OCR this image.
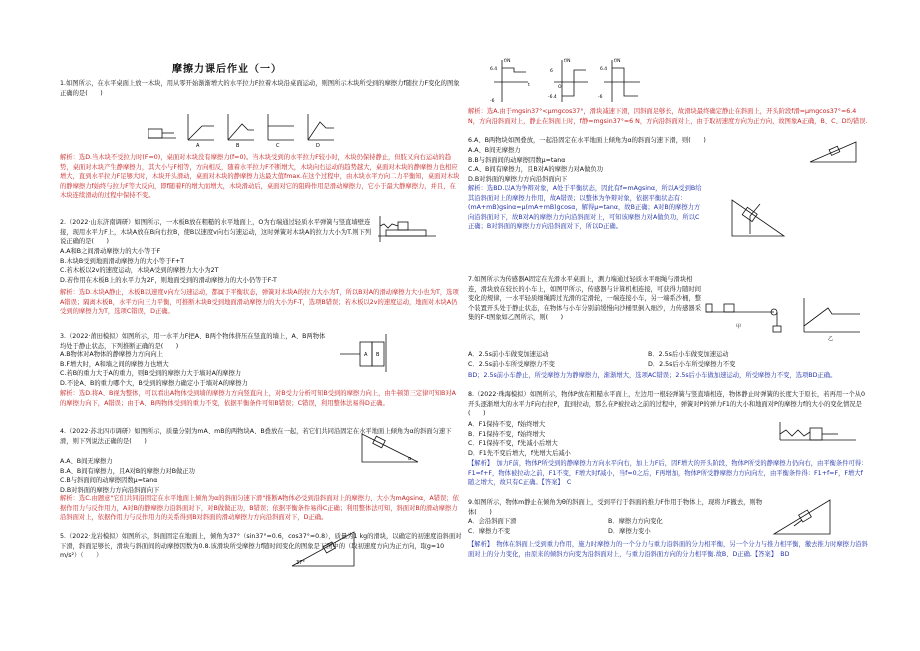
摩擦力课后作业（一）
1.如图所示，在水平桌面上放一木块，用从零开始渐渐增大的水平拉力F拉着木块沿桌面运动，则图所示木块所受到的摩擦力f随拉力F变化的图象正确的是(　　)
A	B	C	D
解析：选D.当木块不受拉力时(F=0)，桌面对木块没有摩擦力(f=0)。当木块受到的水平拉力F较小时，木块仍保持静止，但肢又向右运动的趋势，桌面对木块产生静摩擦力，其大小与F相等，方向相反，随着水平拉力F不断增大，木块向右运动的趋势越大，桌面对木块的静摩擦力也相应增大，直到水平拉力F足够大时，木块开头滑动，桌面对木块的静摩擦力达最大值fmax.在这个过程中，由木块水平方向二力平衡知，桌面对木块的静摩擦力f始终与拉力F等大反向，即f随着F的增大而增大，木块滑动后，桌面对它的阻碍作用是滑动摩擦力，它小于最大静摩擦力，并且，在木块连续滑动的过程中保持不变。
2.（2022·山东济南调研）如图所示，一木板B放在粗糙的水平地面上，O为右端通过轻质水平弹簧与竖直墙壁连接，现用水平力F上，木块A放在B向右拉B，使B以速度v向右匀速运动，这时弹簧对木块A的拉力大小为T.则下列说正确的是(　　)
A.A和B之间滑动摩擦力的大小等于F
B.木块B受到地面滑动摩擦力的大小等于F+T
C.若木板以2v的速度运动，木块A受到的摩擦力大小为2T
D.若作用在木板B上的水平力为2F，则地面受到的滑动摩擦力的大小仍等于F-T
解析：选D.木块A静止，木板B以速度v向左匀速运动，都属于平衡状态，弹簧对木块A的拉力大小为T，所以B对A的滑动摩擦力大小也为T，选项A错误；隔离木板B，水平方向三力平衡，可推断木块B受到地面滑动摩擦力的大小为F-T，选项B错误；若木板以2v的速度运动，地面对木块A仍受到的摩擦力为T，选项C错误，D正确。
3.（2022·莆田模拟）如图所示，用一水平力F把A、B两个物体挤压在竖直的墙上，A、B两物体均处于静止状态，下列推断正确的是(　　)
A B
A.B物体对A物体的静摩擦力方向向上
B.F增大时，A和墙之间的摩擦力也增大
C.若B的重力大于A的重力，则B受到的摩擦力大于墙对A的摩擦力
D.不论A、B的重力哪个大，B受到的摩擦力确定小于墙对A的摩擦力
解析：选D.将A、B视为整体，可以看出A物体受到墙的摩擦力方向竖直向上，对B受力分析可知B受到的摩擦力向上，由牛顿第三定律可知B对A的摩擦力向下，A错误；由于A、B两物体受到的重力不变，依据平衡条件可知B错误；C错误，利用整体法易得D正确。
4.（2022·苏北四市调研）如图所示，质量分别为mA、mB的两物块A、B叠放在一起，若它们共同沿固定在水平地面上倾角为α的斜面匀速下滑，则下列说法正确的是(　　)
α
A.A、B间无摩擦力
B.A、B间有摩擦力，且A对B的摩擦力对B做正功
C.B与斜面间的动摩擦因数μ=tanα
D.B对斜面的摩擦力方向沿斜面向下
解析：选C.由题意"它们共同沿固定在水平地面上倾角为α的斜面匀速下滑"推断A物体必受到沿斜面对上的摩擦力，大小为mAgsinα，A错误；依据作用力与反作用力，A对B的静摩擦力沿斜面对下，对B做做正功，B错误；依据平衡条件易得C正确；利用整体法可知，斜面对B的滑动摩擦力沿斜面对上，依据作用力与反作用力的关系得到B对斜面的滑动摩擦力方向沿斜面对下，D正确。
5.（2022·龙岩模拟）如图所示，斜面固定在地面上，倾角为37°（sin37°=0.6，cos37°=0.8），质量为1 kg的滑块，以确定的初速度沿斜面对下滑，斜面足够长，滑块与斜面间的动摩擦因数为0.8.该滑块所受摩擦力f随时间变化的图象是下图中的（取初速度方向为正方向，取g=10 m/s²）（　　）
37°
f/N
6.4
-6
t
f/N
6
-6.4
O
f/N
6.4
-6
解析：选A.由于mgsin37°<μmgcos37°，滑块减速下滑，因斜面足够长，故滑块最终确定静止在斜面上，开头阶段f滑=μmgcos37°=6.4 N，方向沿斜面对上，静止在斜面上时，f静=mgsin37°=6 N，方向沿斜面对上，由于取初速度方向为正方向，故图象A正确，B、C、D均错误.
6.A、B两物块如图叠放，一起沿固定在水平地面上倾角为α的斜面匀速下滑，则(　　)
A.A、B间无摩擦力
B.B与斜面间的动摩擦因数μ=tanα
C.A、B间有摩擦力，且B对A的摩擦力对A做负功
D.B对斜面的摩擦力方向沿斜面向下
解析：选BD.以A为争辩对象，A处于平衡状态，因此有f=mAgsinα，所以A受到B给其沿斜面对上的摩擦力作用，故A错误；以整体为争辩对象，依据平衡状态有：(mA+mB)gsinα=μ(mA+mB)gcosα，解得μ=tanα，故B正确；A对B的摩擦力方向沿斜面对下，故B对A的摩擦力方向沿斜面对上，可知该摩擦力对A做负功，所以C正确；B对斜面的摩擦力方向沿斜面对下，所以D正确。
7.如图所示为传感器A固定在光滑水平桌面上，测力端通过轻质水平细绳与滑块相连，滑块放在较长的小车上，如图甲所示，传感器与计算机相连接，可获得力随时间变化的规律，一水平轻质细绳跨过光滑的定滑轮，一端连接小车，另一端系沙桶，整个装置开头处于静止状态，在物体与小车分别前缓慢向沙桶里倒入细沙，力传感器采集的F-t图象如乙图所示，则(　　)
甲
乙
A．2.5s前小车做变加速运动	B．2.5s后小车做变加速运动
C．2.5s前小车所受摩擦力不变	D．2.5s后小车所受摩擦力不变
BD；2.5s前小车静止，所受摩擦力为静摩擦力，渐渐增大，选项AC错误；2.5s后小车做加速运动，所受摩擦力不变，选项BD正确。
8.（2022·珠海模拟）如图所示，物体P放在粗糙水平面上，左边用一根轻弹簧与竖直墙相连，物体静止时弹簧的长度大于原长，若再用一个从0开头逐渐增大的水平力F向右拉P，直到拉动，那么在P被拉动之前的过程中，弹簧对P的弹力F1的大小和地面对P的摩擦力f的大小的变化情况是(　　)
A．F1保持不变，f始终增大
B．F1保持不变，f始终增大
C．F1保持不变，f先减小后增大
D．F1先不变后增大，f先增大后减小
【解析】　加力F前，物体P所受到的静摩擦力方向水平向右，加上力F后，因F增大的开头阶段，物体P所受的静摩擦力仍向右，由平衡条件可得：F1=f+F，物体被拉动之前，F1不变，F增大时f减小，当f=0之后，F再增加，物体P所受静摩擦力方向向左，由平衡条件得：F1+f=F，F增大f随之增大，故只有C正确。【答案】　C
9.如图所示，物体m静止在倾角为θ的斜面上，受到平行于斜面的推力F作用于物体上，现将力F撤去，则物体(　　)
A．会沿斜面下滑	B．摩擦力方向变化
C．摩擦力不变	D．摩擦力变小
【解析】　物体在斜面上受到重力作用，施力时摩擦力的一个分力与重力沿斜面的分力相平衡，另一个分力与推力相平衡，撤去推力时摩擦力沿斜面对上的分力变化，由原来的倾斜方向变为沿斜面对上，与重力沿斜面方向的分力相平衡.故B、D正确.【答案】　BD
